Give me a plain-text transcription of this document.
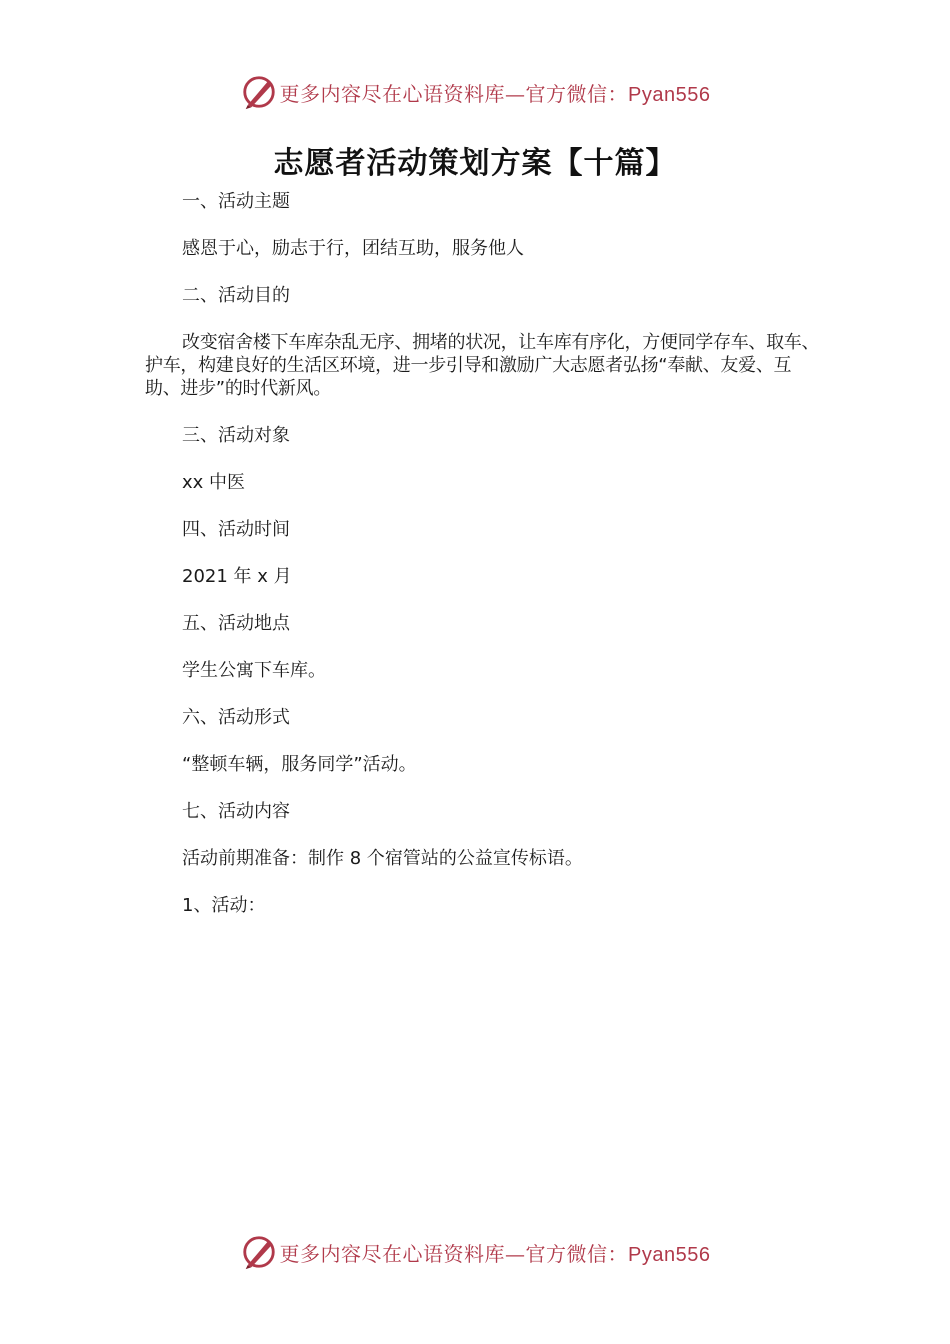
更多内容尽在心语资料库—官方微信：Pyan556
志愿者活动策划方案【十篇】

一、活动主题

感恩于心，励志于行，团结互助，服务他人

二、活动目的

改变宿舍楼下车库杂乱无序、拥堵的状况，让车库有序化，方便同学存车、取车、护车，构建良好的生活区环境，进一步引导和激励广大志愿者弘扬“奉献、友爱、互助、进步”的时代新风。

三、活动对象

xx 中医

四、活动时间

2021 年 x 月

五、活动地点

学生公寓下车库。

六、活动形式

“整顿车辆，服务同学”活动。

七、活动内容

活动前期准备：制作 8 个宿管站的公益宣传标语。

1、活动：

更多内容尽在心语资料库—官方微信：Pyan556
